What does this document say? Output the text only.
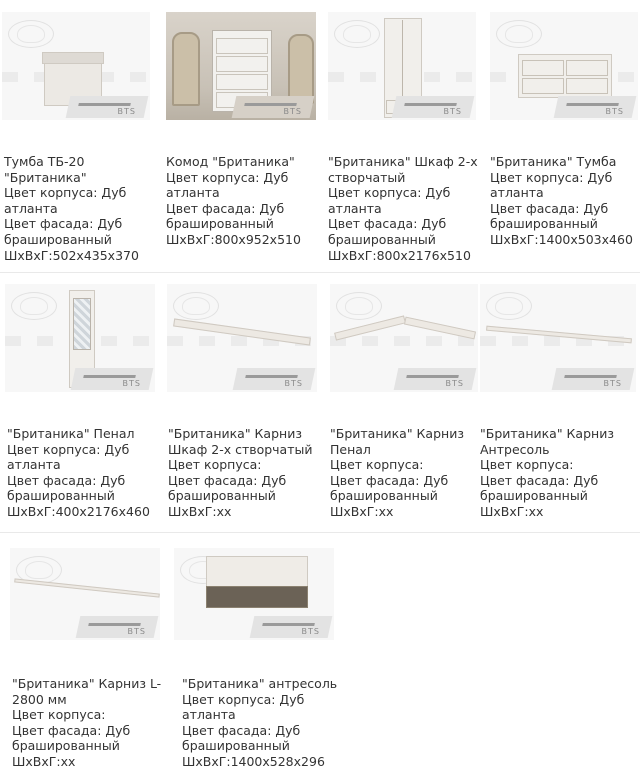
BTS
Тумба ТБ-20 "Британика"
Цвет корпуса: Дуб атланта
Цвет фасада: Дуб брашированный
ШхВхГ:502x435x370
BTS
Комод "Британика"
Цвет корпуса: Дуб атланта
Цвет фасада: Дуб брашированный
ШхВхГ:800x952x510
BTS
"Британика" Шкаф 2-х створчатый
Цвет корпуса: Дуб атланта
Цвет фасада: Дуб брашированный
ШхВхГ:800x2176x510
BTS
"Британика" Тумба
Цвет корпуса: Дуб атланта
Цвет фасада: Дуб брашированный
ШхВхГ:1400x503x460
BTS
"Британика" Пенал
Цвет корпуса: Дуб атланта
Цвет фасада: Дуб брашированный
ШхВхГ:400x2176x460
BTS
"Британика" Карниз Шкаф 2-х створчатый
Цвет корпуса:
Цвет фасада: Дуб брашированный
ШхВхГ:xx
BTS
"Британика" Карниз Пенал
Цвет корпуса:
Цвет фасада: Дуб брашированный
ШхВхГ:xx
BTS
"Британика" Карниз Антресоль
Цвет корпуса:
Цвет фасада: Дуб брашированный
ШхВхГ:xx
BTS
"Британика" Карниз L-2800 мм
Цвет корпуса:
Цвет фасада: Дуб брашированный
ШхВхГ:xx
BTS
"Британика" антресоль
Цвет корпуса: Дуб атланта
Цвет фасада: Дуб брашированный
ШхВхГ:1400x528x296
